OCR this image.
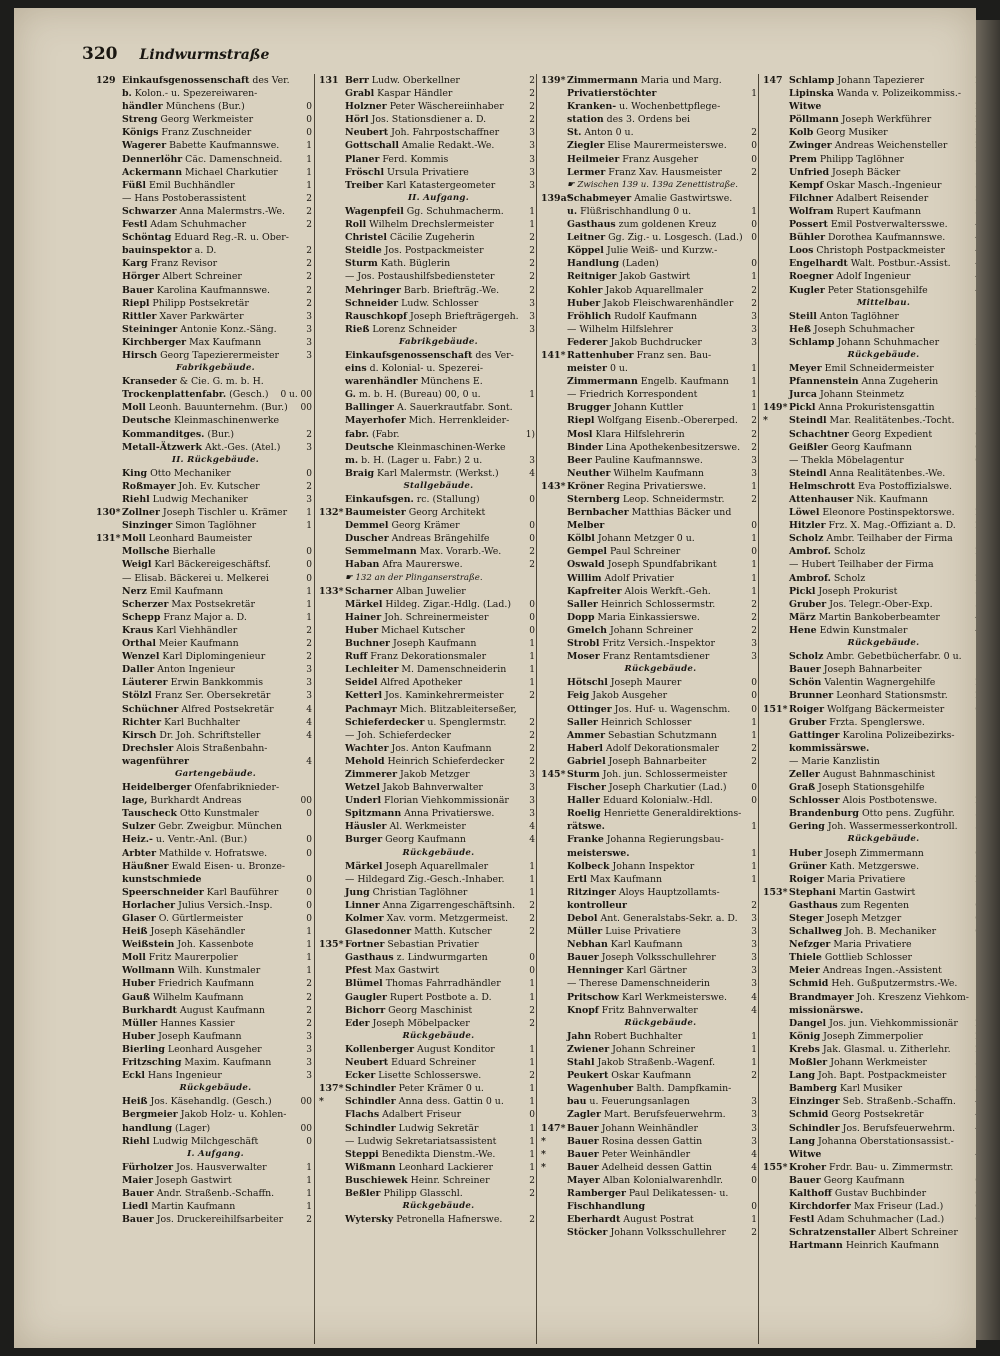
320 Lindwurmstraße
129 Einkaufsgenossenschaft des Ver.
b. Kolon.- u. Spezereiwaren-
händler Münchens (Bur.)	0
Streng Georg Werkmeister	0
Königs Franz Zuschneider	0
Wagerer Babette Kaufmannswe.	1
Dennerlöhr Cäc. Damenschneid.	1
Ackermann Michael Charkutier	1
Füßl Emil Buchhändler	1
— Hans Postoberassistent	2
Schwarzer Anna Malermstrs.-We.	2
Festl Adam Schuhmacher	2
Schöntag Eduard Reg.-R. u. Ober-
bauinspektor a. D.	2
Karg Franz Revisor	2
Hörger Albert Schreiner	2
Bauer Karolina Kaufmannswe.	2
Riepl Philipp Postsekretär	2
Rittler Xaver Parkwärter	3
Steininger Antonie Konz.-Säng.	3
Kirchberger Max Kaufmann	3
Hirsch Georg Tapezierermeister	3
Fabrikgebäude.
Kranseder & Cie. G. m. b. H.
Trockenplattenfabr. (Gesch.)	0 u. 00
Moll Leonh. Bauunternehm. (Bur.)	00
Deutsche Kleinmaschinenwerke
Kommanditges. (Bur.)	2
Metall-Ätzwerk Akt.-Ges. (Atel.)	3
II. Rückgebäude.
King Otto Mechaniker	0
Roßmayer Joh. Ev. Kutscher	2
Riehl Ludwig Mechaniker	3
130* Zollner Joseph Tischler u. Krämer	1
Sinzinger Simon Taglöhner	1
131* Moll Leonhard Baumeister
Mollsche Bierhalle	0
Weigl Karl Bäckereigeschäftsf.	0
— Elisab. Bäckerei u. Melkerei	0
Nerz Emil Kaufmann	1
Scherzer Max Postsekretär	1
Schepp Franz Major a. D.	1
Kraus Karl Viehhändler	2
Orthal Meier Kaufmann	2
Wenzel Karl Diplomingenieur	2
Daller Anton Ingenieur	3
Läuterer Erwin Bankkommis	3
Stölzl Franz Ser. Obersekretär	3
Schüchner Alfred Postsekretär	4
Richter Karl Buchhalter	4
Kirsch Dr. Joh. Schriftsteller	4
Drechsler Alois Straßenbahn-
wagenführer	4
Gartengebäude.
Heidelberger Ofenfabriknieder-
lage, Burkhardt Andreas	00
Tauscheck Otto Kunstmaler	0
Sulzer Gebr. Zweigbur. München
Heiz.- u. Ventr.-Anl. (Bur.)	0
Arbter Mathilde v. Hofratswe.	0
Häußner Ewald Eisen- u. Bronze-
kunstschmiede	0
Speerschneider Karl Bauführer	0
Horlacher Julius Versich.-Insp.	0
Glaser O. Gürtlermeister	0
Heiß Joseph Käsehändler	1
Weißstein Joh. Kassenbote	1
Moll Fritz Maurerpolier	1
Wollmann Wilh. Kunstmaler	1
Huber Friedrich Kaufmann	2
Gauß Wilhelm Kaufmann	2
Burkhardt August Kaufmann	2
Müller Hannes Kassier	2
Huber Joseph Kaufmann	3
Bierling Leonhard Ausgeher	3
Fritzsching Maxim. Kaufmann	3
Eckl Hans Ingenieur	3
Rückgebäude.
Heiß Jos. Käsehandlg. (Gesch.)	00
Bergmeier Jakob Holz- u. Kohlen-
handlung (Lager)	00
Riehl Ludwig Milchgeschäft	0
I. Aufgang.
Fürholzer Jos. Hausverwalter	1
Maier Joseph Gastwirt	1
Bauer Andr. Straßenb.-Schaffn.	1
Liedl Martin Kaufmann	1
Bauer Jos. Druckereihilfsarbeiter	2
131 Berr Ludw. Oberkellner	2
Grabl Kaspar Händler	2
Holzner Peter Wäschereiinhaber	2
Hörl Jos. Stationsdiener a. D.	2
Neubert Joh. Fahrpostschaffner	3
Gottschall Amalie Redakt.-We.	3
Planer Ferd. Kommis	3
Fröschl Ursula Privatiere	3
Treiber Karl Katastergeometer	3
II. Aufgang.
Wagenpfeil Gg. Schuhmacherm.	1
Roll Wilhelm Drechslermeister	1
Christel Cäcilie Zugeherin	2
Steidle Jos. Postpackmeister	2
Sturm Kath. Büglerin	2
— Jos. Postaushilfsbediensteter	2
Mehringer Barb. Briefträg.-We.	2
Schneider Ludw. Schlosser	3
Rauschkopf Joseph Briefträgergeh.	3
Rieß Lorenz Schneider	3
Fabrikgebäude.
Einkaufsgenossenschaft des Ver-
eins d. Kolonial- u. Spezerei-
warenhändler Münchens E.
G. m. b. H. (Bureau) 00, 0 u.	1
Ballinger A. Sauerkrautfabr. Sont.
Mayerhofer Mich. Herrenkleider-
fabr. (Fabr.	1)
Deutsche Kleinmaschinen-Werke
m. b. H. (Lager u. Fabr.) 2 u.	3
Braig Karl Malermstr. (Werkst.)	4
Stallgebäude.
Einkaufsgen. rc. (Stallung)	0
132* Baumeister Georg Architekt
Demmel Georg Krämer	0
Duscher Andreas Brängehilfe	0
Semmelmann Max. Vorarb.-We.	2
Haban Afra Maurerswe.	2
☛ 132 an der Plinganserstraße.
133* Scharner Alban Juwelier
Märkel Hildeg. Zigar.-Hdlg. (Lad.)	0
Hainer Joh. Schreinermeister	0
Huber Michael Kutscher	0
Buchner Joseph Kaufmann	1
Ruff Franz Dekorationsmaler	1
Lechleiter M. Damenschneiderin	1
Seidel Alfred Apotheker	1
Ketterl Jos. Kaminkehrermeister	2
Pachmayr Mich. Blitzableiterseßer,
Schieferdecker u. Spenglermstr.	2
— Joh. Schieferdecker	2
Wachter Jos. Anton Kaufmann	2
Mehold Heinrich Schieferdecker	2
Zimmerer Jakob Metzger	3
Wetzel Jakob Bahnverwalter	3
Underl Florian Viehkommissionär	3
Spitzmann Anna Privatierswe.	3
Häusler Al. Werkmeister	4
Burger Georg Kaufmann	4
Rückgebäude.
Märkel Joseph Aquarellmaler	1
— Hildegard Zig.-Gesch.-Inhaber.	1
Jung Christian Taglöhner	1
Linner Anna Zigarrengeschäftsinh.	2
Kolmer Xav. vorm. Metzgermeist.	2
Glasedonner Matth. Kutscher	2
135* Fortner Sebastian Privatier
Gasthaus z. Lindwurmgarten	0
Pfest Max Gastwirt	0
Blümel Thomas Fahrradhändler	1
Gaugler Rupert Postbote a. D.	1
Bichorr Georg Maschinist	2
Eder Joseph Möbelpacker	2
Rückgebäude.
Kollenberger August Konditor	1
Neubert Eduard Schreiner	1
Ecker Lisette Schlosserswe.	2
137* Schindler Peter Krämer 0 u.	1
*	Schindler Anna dess. Gattin 0 u.	1
Flachs Adalbert Friseur	0
Schindler Ludwig Sekretär	1
— Ludwig Sekretariatsassistent	1
Steppi Benedikta Dienstm.-We.	1
Wißmann Leonhard Lackierer	1
Buschiewek Heinr. Schreiner	2
Beßler Philipp Glasschl.	2
Rückgebäude.
Wytersky Petronella Hafnerswe.	2
139* Zimmermann Maria und Marg.
Privatierstöchter	1
Kranken- u. Wochenbettpflege-
station des 3. Ordens bei
St. Anton 0 u.	2
Ziegler Elise Maurermeisterswe.	0
Heilmeier Franz Ausgeher	0
Lermer Franz Xav. Hausmeister	2
☛ Zwischen 139 u. 139a Zenettistraße.
139a*
Schabmeyer Amalie Gastwirtswe.
u. Flüßrischhandlung 0 u.	1
Gasthaus zum goldenen Kreuz	0
Leitner Gg. Zig.- u. Losgesch. (Lad.) 0
Köppel Julie Weiß- und Kurzw.-
Handlung (Laden)	0
Reitniger Jakob Gastwirt	1
Kohler Jakob Aquarellmaler	2
Huber Jakob Fleischwarenhändler	2
Fröhlich Rudolf Kaufmann	3
— Wilhelm Hilfslehrer	3
Federer Jakob Buchdrucker	3
141* Rattenhuber Franz sen. Bau-
meister 0 u.	1
Zimmermann Engelb. Kaufmann	1
— Friedrich Korrespondent	1
Brugger Johann Kuttler	1
Riepl Wolfgang Eisenb.-Obererped.	2
Mosl Klara Hilfslehrerin	2
Binder Lina Apothekenbesitzerswe.	2
Beer Pauline Kaufmannswe.	3
Neuther Wilhelm Kaufmann	3
143* Kröner Regina Privatierswe.	1
Sternberg Leop. Schneidermstr.	2
Bernbacher Matthias Bäcker und
Melber	0
Kölbl Johann Metzger 0 u.	1
Gempel Paul Schreiner	0
Oswald Joseph Spundfabrikant	1
Willim Adolf Privatier	1
Kapfreiter Alois Werkft.-Geh.	1
Saller Heinrich Schlossermstr.	2
Dopp Maria Einkassierswe.	2
Gmelch Johann Schreiner	2
Strobl Fritz Versich.-Inspektor	3
Moser Franz Rentamtsdiener	3
Rückgebäude.
Hötschl Joseph Maurer	0
Feig Jakob Ausgeher	0
Ottinger Jos. Huf- u. Wagenschm.	0
Saller Heinrich Schlosser	1
Ammer Sebastian Schutzmann	1
Haberl Adolf Dekorationsmaler	2
Gabriel Joseph Bahnarbeiter	2
145* Sturm Joh. jun. Schlossermeister
Fischer Joseph Charkutier (Lad.)	0
Haller Eduard Kolonialw.-Hdl.	0
Roelig Henriette Generaldirektions-
rätswe.	1
Franke Johanna Regierungsbau-
meisterswe.	1
Kolbeck Johann Inspektor	1
Ertl Max Kaufmann	1
Ritzinger Aloys Hauptzollamts-
kontrolleur	2
Debol Ant. Generalstabs-Sekr. a. D.	3
Müller Luise Privatiere	3
Nebhan Karl Kaufmann	3
Bauer Joseph Volksschullehrer	3
Henninger Karl Gärtner	3
— Therese Damenschneiderin	3
Pritschow Karl Werkmeisterswe.	4
Knopf Fritz Bahnverwalter	4
Rückgebäude.
Jahn Robert Buchhalter	1
Zwiener Johann Schreiner	1
Stahl Jakob Straßenb.-Wagenf.	1
Peukert Oskar Kaufmann	2
Wagenhuber Balth. Dampfkamin-
bau u. Feuerungsanlagen	3
Zagler Mart. Berufsfeuerwehrm.	3
147* Bauer Johann Weinhändler	3
*	Bauer Rosina dessen Gattin	3
*	Bauer Peter Weinhändler	4
*	Bauer Adelheid dessen Gattin	4
Mayer Alban Kolonialwarenhdlr.	0
Ramberger Paul Delikatessen- u.
Fischhandlung	0
Eberhardt August Postrat	1
Stöcker Johann Volksschullehrer	2
147 Schlamp Johann Tapezierer
Lipinska Wanda v. Polizeikommiss.-
Witwe
Pöllmann Joseph Werkführer
Kolb Georg Musiker
Zwinger Andreas Weichensteller
Prem Philipp Taglöhner
Unfried Joseph Bäcker
Kempf Oskar Masch.-Ingenieur
Filchner Adalbert Reisender
Wolfram Rupert Kaufmann
Possert Emil Postverwaltersswe.
Bühler Dorothea Kaufmannswe.
Loos Christoph Postpackmeister
Engelhardt Walt. Postbur.-Assist.
Roegner Adolf Ingenieur
Kugler Peter Stationsgehilfe
Mittelbau.
Steill Anton Taglöhner
Heß Joseph Schuhmacher
Schlamp Johann Schuhmacher
Rückgebäude.
Meyer Emil Schneidermeister
Pfannenstein Anna Zugeherin
Jurca Johann Steinmetz
149* Pickl Anna Prokuristensgattin
*	Steindl Mar. Realitätenbes.-Tocht.
Schachtner Georg Expedient
Geißler Georg Kaufmann
— Thekla Möbelagentur
Steindl Anna Realitätenbes.-We.
Helmschrott Eva Postoffizialswe.
Attenhauser Nik. Kaufmann
Löwel Eleonore Postinspektorswe.
Hitzler Frz. X. Mag.-Offiziant a. D.
Scholz Ambr. Teilhaber der Firma
Ambrof. Scholz
— Hubert Teilhaber der Firma
Ambrof. Scholz
Pickl Joseph Prokurist
Gruber Jos. Telegr.-Ober-Exp.
März Martin Bankoberbeamter
Hene Edwin Kunstmaler
Rückgebäude.
Scholz Ambr. Gebetbücherfabr. 0 u.
Bauer Joseph Bahnarbeiter
Schön Valentin Wagnergehilfe
Brunner Leonhard Stationsmstr.
151* Roiger Wolfgang Bäckermeister
Gruber Frzta. Spenglerswe.
Gattinger Karolina Polizeibezirks-
kommissärswe.
— Marie Kanzlistin
Zeller August Bahnmaschinist
Graß Joseph Stationsgehilfe
Schlosser Alois Postbotenswe.
Brandenburg Otto pens. Zugführ.
Gering Joh. Wassermesserkontroll.
Rückgebäude.
Huber Joseph Zimmermann
Grüner Kath. Metzgerswe.
Roiger Maria Privatiere
153* Stephani Martin Gastwirt
Gasthaus zum Regenten
Steger Joseph Metzger
Schallweg Joh. B. Mechaniker
Nefzger Maria Privatiere
Thiele Gottlieb Schlosser
Meier Andreas Ingen.-Assistent
Schmid Heh. Gußputzermstrs.-We.
Brandmayer Joh. Kreszenz Viehkom-
missionärswe.
Dangel Jos. jun. Viehkommissionär
König Joseph Zimmerpolier
Krebs Jak. Glasmal. u. Zitherlehr.
Moßler Johann Werkmeister
Lang Joh. Bapt. Postpackmeister
Bamberg Karl Musiker
Einzinger Seb. Straßenb.-Schaffn.
Schmid Georg Postsekretär
Schindler Jos. Berufsfeuerwehrm.
Lang Johanna Oberstationsassist.-
Witwe
155* Kroher Frdr. Bau- u. Zimmermstr.
Bauer Georg Kaufmann
Kalthoff Gustav Buchbinder
Kirchdorfer Max Friseur (Lad.)
Festl Adam Schuhmacher (Lad.)
Schratzenstaller Albert Schreiner
Hartmann Heinrich Kaufmann
